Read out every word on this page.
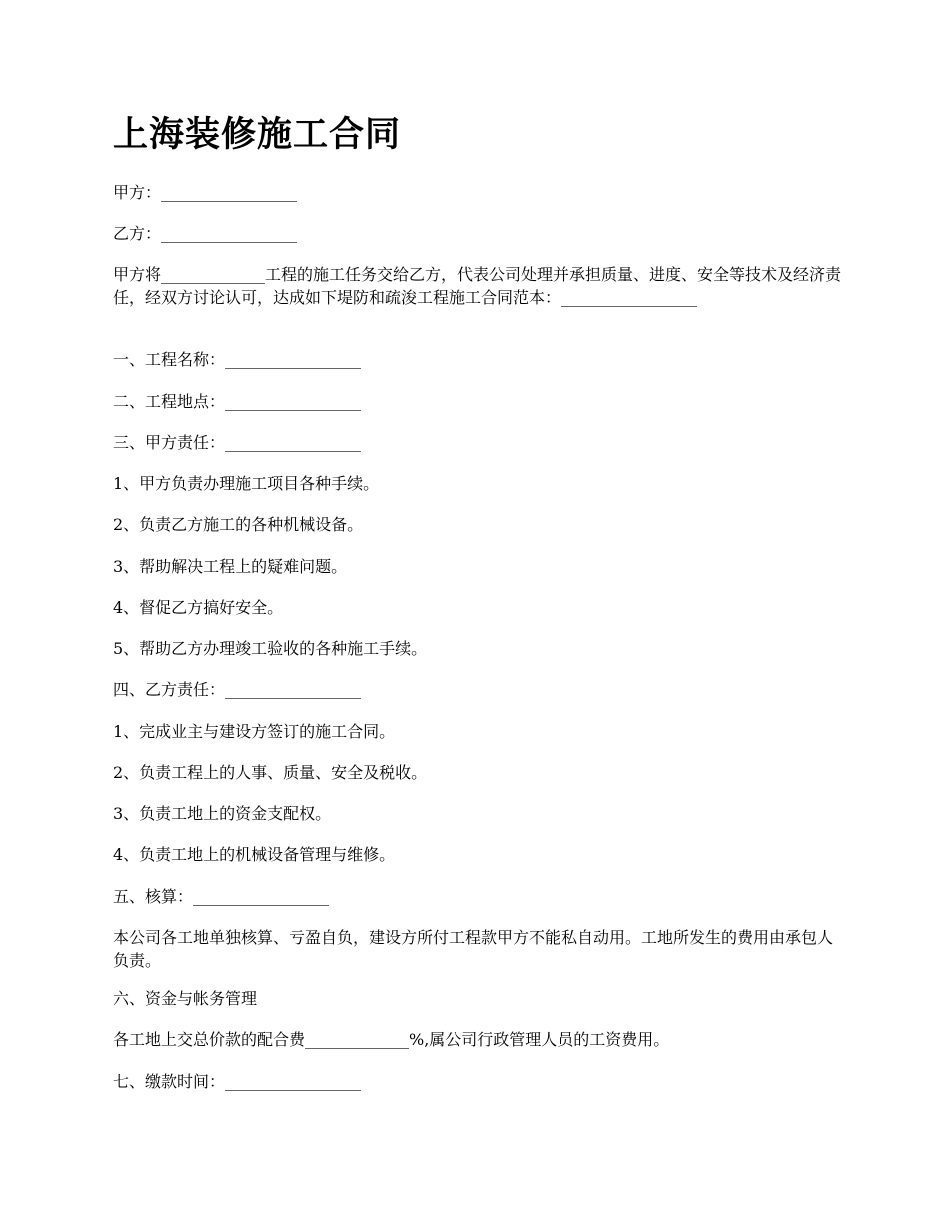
上海装修施工合同

甲方：_________________

乙方：_________________

甲方将_____________工程的施工任务交给乙方，代表公司处理并承担质量、进度、安全等技术及经济责任，经双方讨论认可，达成如下堤防和疏浚工程施工合同范本：_________________

一、工程名称：_________________

二、工程地点：_________________

三、甲方责任：_________________

1、甲方负责办理施工项目各种手续。

2、负责乙方施工的各种机械设备。

3、帮助解决工程上的疑难问题。

4、督促乙方搞好安全。

5、帮助乙方办理竣工验收的各种施工手续。

四、乙方责任：_________________

1、完成业主与建设方签订的施工合同。

2、负责工程上的人事、质量、安全及税收。

3、负责工地上的资金支配权。

4、负责工地上的机械设备管理与维修。

五、核算：_________________

本公司各工地单独核算、亏盈自负，建设方所付工程款甲方不能私自动用。工地所发生的费用由承包人负责。

六、资金与帐务管理

各工地上交总价款的配合费_____________%,属公司行政管理人员的工资费用。

七、缴款时间：_________________
